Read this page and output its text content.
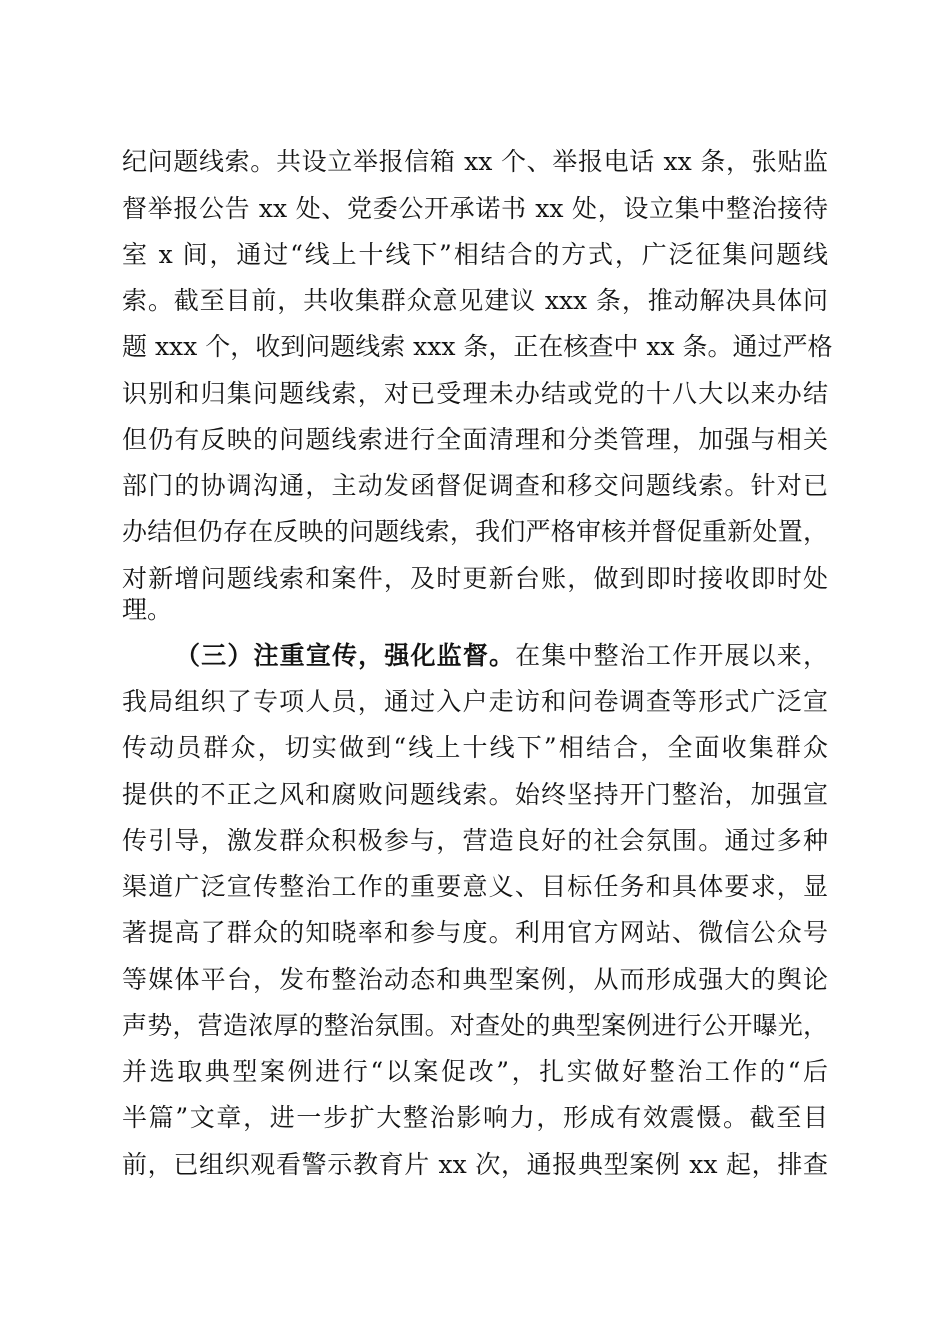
纪问题线索。共设立举报信箱 xx 个、举报电话 xx 条，张贴监
督举报公告 xx 处、党委公开承诺书 xx 处，设立集中整治接待
室 x 间，通过“线上十线下”相结合的方式，广泛征集问题线
索。截至目前，共收集群众意见建议 xxx 条，推动解决具体问
题 xxx 个，收到问题线索 xxx 条，正在核查中 xx 条。通过严格
识别和归集问题线索，对已受理未办结或党的十八大以来办结
但仍有反映的问题线索进行全面清理和分类管理，加强与相关
部门的协调沟通，主动发函督促调查和移交问题线索。针对已
办结但仍存在反映的问题线索，我们严格审核并督促重新处置，
对新增问题线索和案件，及时更新台账，做到即时接收即时处
理。
（三）注重宣传，强化监督。在集中整治工作开展以来，
我局组织了专项人员，通过入户走访和问卷调查等形式广泛宣
传动员群众，切实做到“线上十线下”相结合，全面收集群众
提供的不正之风和腐败问题线索。始终坚持开门整治，加强宣
传引导，激发群众积极参与，营造良好的社会氛围。通过多种
渠道广泛宣传整治工作的重要意义、目标任务和具体要求，显
著提高了群众的知晓率和参与度。利用官方网站、微信公众号
等媒体平台，发布整治动态和典型案例，从而形成强大的舆论
声势，营造浓厚的整治氛围。对查处的典型案例进行公开曝光，
并选取典型案例进行“以案促改”，扎实做好整治工作的“后
半篇”文章，进一步扩大整治影响力，形成有效震慑。截至目
前，已组织观看警示教育片 xx 次，通报典型案例 xx 起，排查
